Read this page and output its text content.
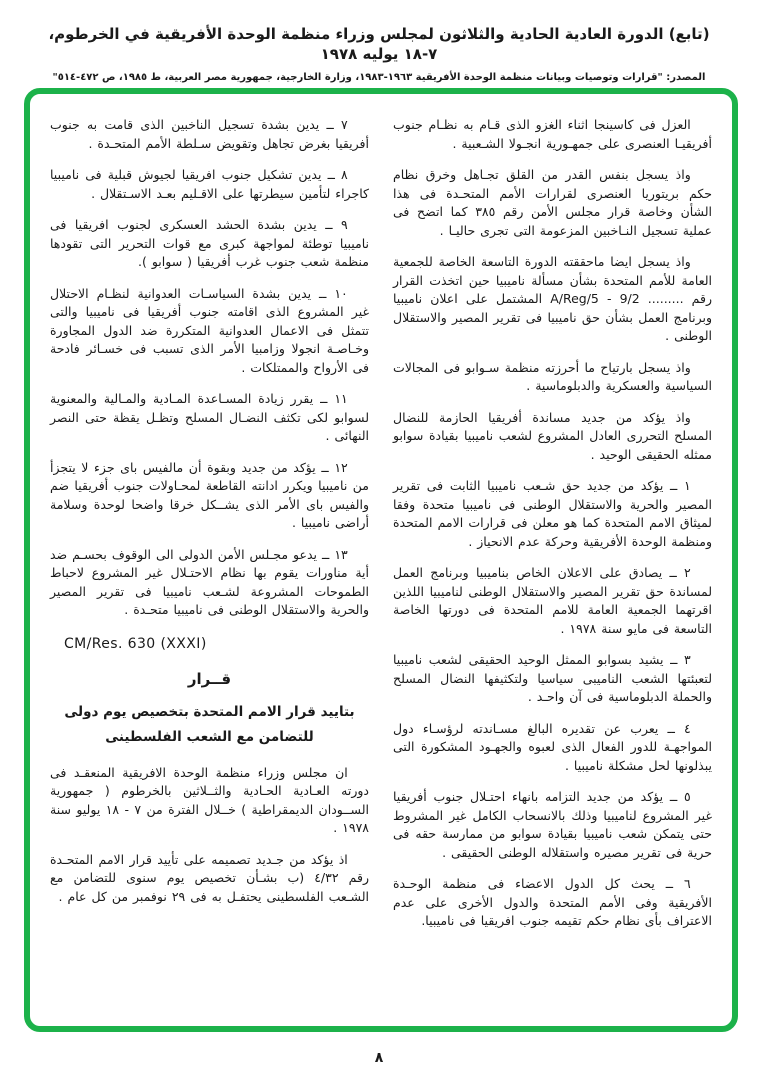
(تابع) الدورة العادية الحادية والثلاثون لمجلس وزراء منظمة الوحدة الأفريقية في الخرطوم، ٧-١٨ يوليه ١٩٧٨
المصدر: "قرارات وتوصيات وبيانات منظمة الوحدة الأفريقية ١٩٦٣-١٩٨٣، وزارة الخارجية، جمهورية مصر العربية، ط ١٩٨٥، ص ٤٧٢-٥١٤"

العزل فى كاسينجا اثناء الغزو الذى قـام به نظـام جنوب أفريقيـا العنصرى على جمهـورية انجـولا الشـعبية .

واذ يسجل بنفس القدر من القلق تجـاهل وخرق نظام حكم بريتوريا العنصرى لقرارات الأمم المتحـدة فى هذا الشأن وخاصة قرار مجلس الأمن رقم ٣٨٥ كما اتضح فى عملية تسجيل النـاخبين المزعومة التى تجرى حاليـا .

واذ يسجل ايضا ماحققته الدورة التاسعة الخاصة للجمعية العامة للأمم المتحدة بشأن مسألة ناميبيا حين اتخذت القرار رقم ......... A/Reg/5 - 9/2 المشتمل على اعلان ناميبيا وبرنامج العمل بشأن حق ناميبيا فى تقرير المصير والاستقلال الوطنى .

واذ يسجل بارتياح ما أحرزته منظمة سـوابو فى المجالات السياسية والعسكرية والدبلوماسية .

واذ يؤكد من جديد مساندة أفريقيا الحازمة للنضال المسلح التحررى العادل المشروع لشعب ناميبيا بقيادة سوابو ممثله الحقيقى الوحيد .

١ ــ يؤكد من جديد حق شـعب ناميبيا الثابت فى تقرير المصير والحرية والاستقلال الوطنى فى ناميبيا متحدة وفقا لميثاق الامم المتحدة كما هو معلن فى قرارات الامم المتحدة ومنظمة الوحدة الأفريقية وحركة عدم الانحياز .

٢ ــ يصادق على الاعلان الخاص بناميبيا وبرنامج العمل لمساندة حق تقرير المصير والاستقلال الوطنى لناميبيا اللذين اقرتهما الجمعية العامة للامم المتحدة فى دورتها الخاصة التاسعة فى مايو سنة ١٩٧٨ .

٣ ــ يشيد بسوابو الممثل الوحيد الحقيقى لشعب ناميبيا لتعبئتها الشعب الناميبى سياسيا ولتكثيفها النضال المسلح والحملة الدبلوماسية فى آن واحـد .

٤ ــ يعرب عن تقديره البالغ مسـاندته لرؤسـاء دول المواجهـة للدور الفعال الذى لعبوه والجهـود المشكورة التى يبذلونها لحل مشكلة ناميبيا .

٥ ــ يؤكد من جديد التزامه بانهاء احتـلال جنوب أفريقيا غير المشروع لناميبيا وذلك بالانسحاب الكامل غير المشروط حتى يتمكن شعب ناميبيا بقيادة سوابو من ممارسة حقه فى حرية فى تقرير مصيره واستقلاله الوطنى الحقيقى .

٦ ــ يحث كل الدول الاعضاء فى منظمة الوحـدة الأفريقية وفى الأمم المتحدة والدول الأخرى على عدم الاعتراف بأى نظام حكم تقيمه جنوب افريقيا فى ناميبيا.

٧ ــ يدين بشدة تسجيل الناخبين الذى قامت به جنوب أفريقيا بغرض تجاهل وتقويض سـلطة الأمم المتحـدة .

٨ ــ يدين تشكيل جنوب افريقيا لجيوش قبلية فى ناميبيا كاجراء لتأمين سيطرتها على الاقـليم بعـد الاسـتقلال .

٩ ــ يدين بشدة الحشد العسكرى لجنوب افريقيا فى ناميبيا توطئة لمواجهة كبرى مع قوات التحرير التى تقودها منظمة شعب جنوب غرب أفريقيا ( سوابو ).

١٠ ــ يدين بشدة السياسـات العدوانية لنظـام الاحتلال غير المشروع الذى اقامته جنوب أفريقيا فى ناميبيا والتى تتمثل فى الاعمال العدوانية المتكررة ضد الدول المجاورة وخـاصـة انجولا وزامبيا الأمر الذى تسبب فى خسـائر فادحة فى الأرواح والممتلكات .

١١ ــ يقرر زيادة المسـاعدة المـادية والمـالية والمعنوية لسوابو لكى تكثف النضـال المسلح وتظـل يقظة حتى النصر النهائى .

١٢ ــ يؤكد من جديد وبقوة أن مالفيس باى جزء لا يتجزأ من ناميبيا ويكرر ادانته القاطعة لمحـاولات جنوب أفريقيا ضم والفيس باى الأمر الذى يشــكل خرقا واضحا لوحدة وسلامة أراضى ناميبيا .

١٣ ــ يدعو مجـلس الأمن الدولى الى الوقوف بحسـم ضد أية مناورات يقوم بها نظام الاحتـلال غير المشروع لاحباط الطموحات المشروعة لشـعب ناميبيا فى تقرير المصير والحرية والاستقلال الوطنى فى ناميبيا متحـدة .

CM/Res. 630 (XXXI)
قــرار
بتاييد قرار الامم المتحدة بتخصيص يوم دولى
للتضامن مع الشعب الفلسطينى

ان مجلس وزراء منظمة الوحدة الافريقية المنعقـد فى دورته العـادية الحـادية والثــلاثين بالخرطوم ( جمهورية الســودان الديمقراطية ) خــلال الفترة من ٧ - ١٨ يوليو سنة ١٩٧٨ .

اذ يؤكد من جـديد تصميمه على تأييد قرار الامم المتحـدة رقم ٤/٣٢ (ب بشـأن تخصيص يوم سنوى للتضامن مع الشـعب الفلسطينى يحتفـل به فى ٢٩ نوفمبر من كل عام .

٨
